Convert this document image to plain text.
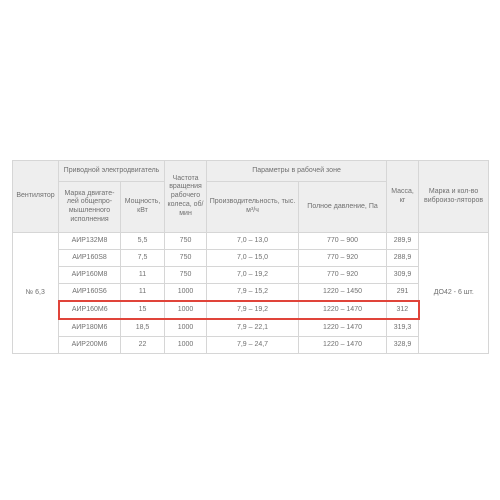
Вентилятор	Приводной электродвигатель		Частота вращения рабочего колеса, об/мин	Параметры в рабочей зоне		Масса, кг	Марка и кол-во виброизо-ляторов
	Марка двигате-лей общепро-мышленного исполнения	Мощность, кВт		Производительность, тыс. м³/ч	Полное давление, Па		
№ 6,3	АИР132М8	5,5	750	7,0 – 13,0	770 – 900	289,9	ДО42 - 6 шт.
	АИР160S8	7,5	750	7,0 – 15,0	770 – 920	288,9	
	АИР160М8	11	750	7,0 – 19,2	770 – 920	309,9	
	АИР160S6	11	1000	7,9 – 15,2	1220 – 1450	291	
	АИР160М6	15	1000	7,9 – 19,2	1220 – 1470	312	
	АИР180М6	18,5	1000	7,9 – 22,1	1220 – 1470	319,3	
	АИР200М6	22	1000	7,9 – 24,7	1220 – 1470	328,9	
